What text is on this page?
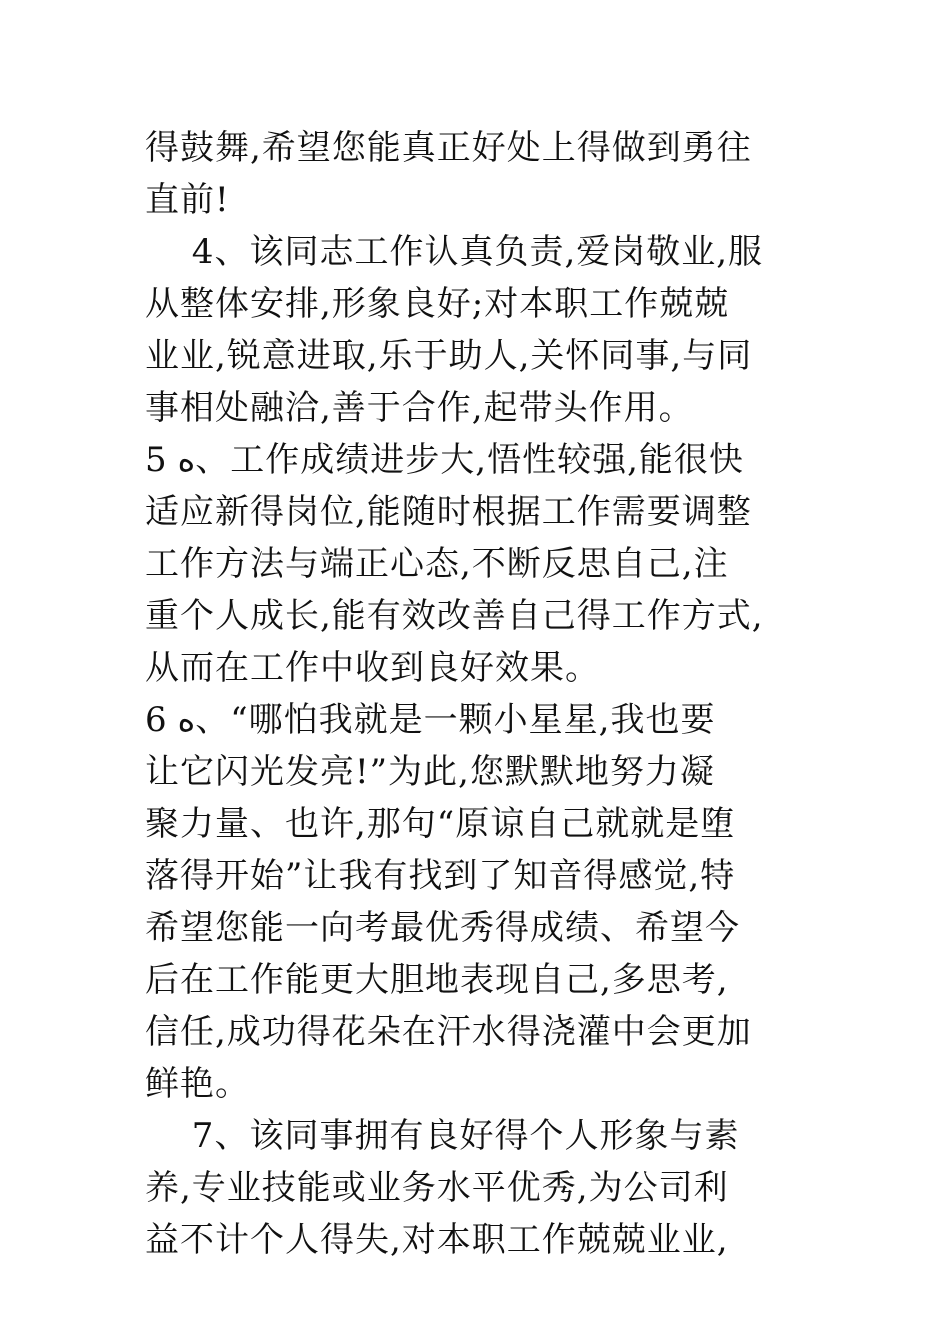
得鼓舞,希望您能真正好处上得做到勇往
直前!
　 4、该同志工作认真负责,爱岗敬业,服
从整体安排,形象良好;对本职工作兢兢
业业,锐意进取,乐于助人,关怀同事,与同
事相处融洽,善于合作,起带头作用。
5 ﻩ、工作成绩进步大,悟性较强,能很快
适应新得岗位,能随时根据工作需要调整
工作方法与端正心态,不断反思自己,注
重个人成长,能有效改善自己得工作方式,
从而在工作中收到良好效果。
6 ﻩ、“哪怕我就是一颗小星星,我也要
让它闪光发亮!”为此,您默默地努力凝
聚力量、也许,那句“原谅自己就就是堕
落得开始”让我有找到了知音得感觉,特
希望您能一向考最优秀得成绩、希望今
后在工作能更大胆地表现自己,多思考,
信任,成功得花朵在汗水得浇灌中会更加
鲜艳。
　 7、该同事拥有良好得个人形象与素
养,专业技能或业务水平优秀,为公司利
益不计个人得失,对本职工作兢兢业业,
